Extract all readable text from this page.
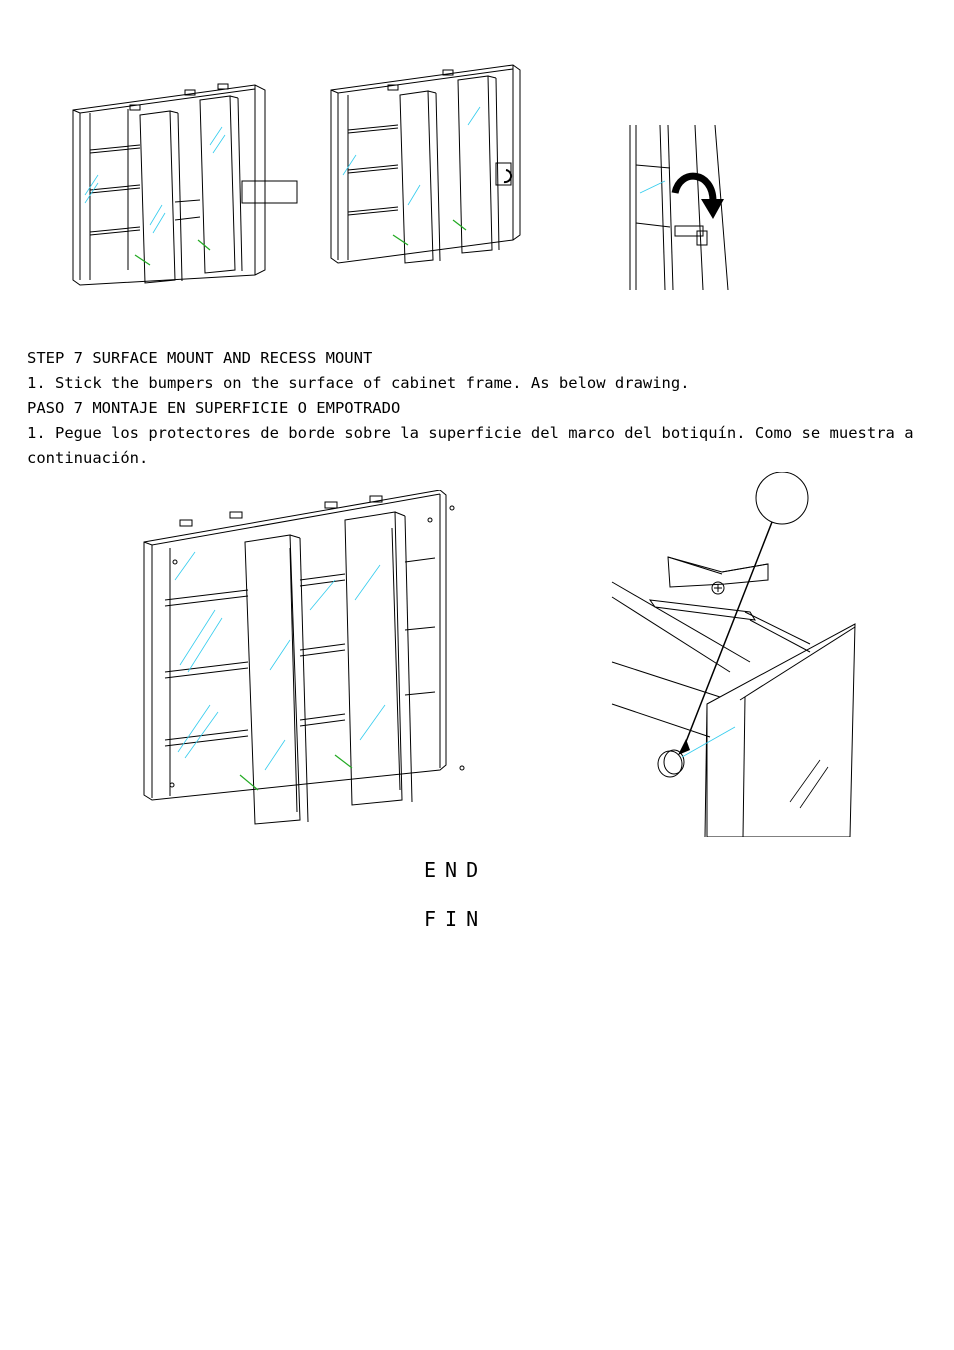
STEP 7 SURFACE MOUNT AND RECESS MOUNT
1. Stick the bumpers on the surface of cabinet frame. As below drawing.
PASO 7 MONTAJE EN SUPERFICIE O EMPOTRADO
1. Pegue los protectores de borde sobre la superficie del marco del botiquín. Como se muestra a continuación.
END
FIN
